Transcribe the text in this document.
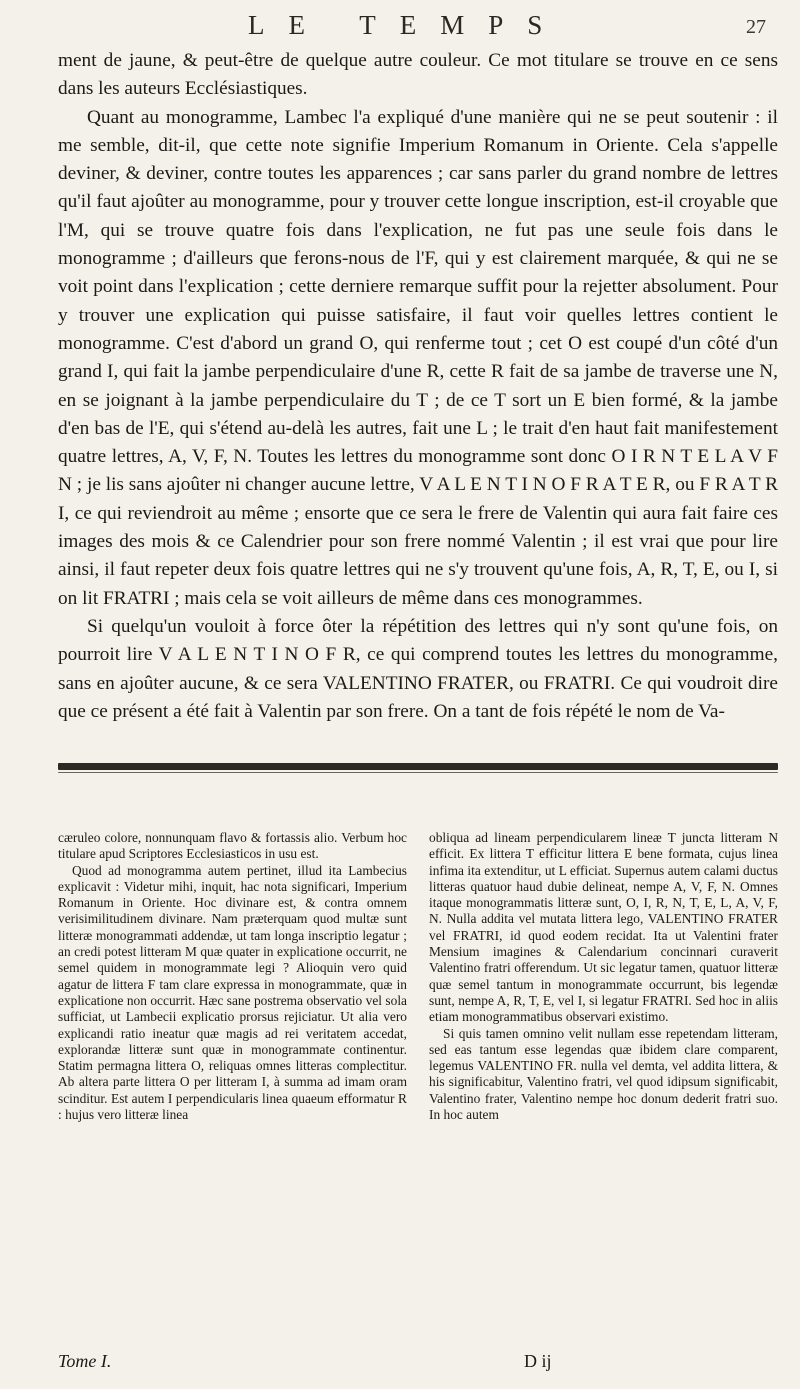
LE TEMPS	27

ment de jaune, & peut-être de quelque autre couleur. Ce mot titulare se trouve en ce sens dans les auteurs Ecclésiastiques.

Quant au monogramme, Lambec l'a expliqué d'une manière qui ne se peut soutenir : il me semble, dit-il, que cette note signifie Imperium Romanum in Oriente. Cela s'appelle deviner, & deviner, contre toutes les apparences ; car sans parler du grand nombre de lettres qu'il faut ajoûter au monogramme, pour y trouver cette longue inscription, est-il croyable que l'M, qui se trouve quatre fois dans l'explication, ne fut pas une seule fois dans le monogramme ; d'ailleurs que ferons-nous de l'F, qui y est clairement marquée, & qui ne se voit point dans l'explication ; cette derniere remarque suffit pour la rejetter absolument. Pour y trouver une explication qui puisse satisfaire, il faut voir quelles lettres contient le monogramme. C'est d'abord un grand O, qui renferme tout ; cet O est coupé d'un côté d'un grand I, qui fait la jambe perpendiculaire d'une R, cette R fait de sa jambe de traverse une N, en se joignant à la jambe perpendiculaire du T ; de ce T sort un E bien formé, & la jambe d'en bas de l'E, qui s'étend au-delà les autres, fait une L ; le trait d'en haut fait manifestement quatre lettres, A, V, F, N. Toutes les lettres du monogramme sont donc O I R N T E L A V F N ; je lis sans ajoûter ni changer aucune lettre, V A L E N T I N O F R A T E R, ou F R A T R I, ce qui reviendroit au même ; ensorte que ce sera le frere de Valentin qui aura fait faire ces images des mois & ce Calendrier pour son frere nommé Valentin ; il est vrai que pour lire ainsi, il faut repeter deux fois quatre lettres qui ne s'y trouvent qu'une fois, A, R, T, E, ou I, si on lit FRATRI ; mais cela se voit ailleurs de même dans ces monogrammes.

Si quelqu'un vouloit à force ôter la répétition des lettres qui n'y sont qu'une fois, on pourroit lire V A L E N T I N O F R, ce qui comprend toutes les lettres du monogramme, sans en ajoûter aucune, & ce sera VALENTINO FRATER, ou FRATRI. Ce qui voudroit dire que ce présent a été fait à Valentin par son frere. On a tant de fois répété le nom de Va-

cæruleo colore, nonnunquam flavo & fortassis alio. Verbum hoc titulare apud Scriptores Ecclesiasticos in usu est.

Quod ad monogramma autem pertinet, illud ita Lambecius explicavit : Videtur mihi, inquit, hac nota significari, Imperium Romanum in Oriente. Hoc divinare est, & contra omnem verisimilitudinem divinare. Nam præterquam quod multæ sunt litteræ monogrammati addendæ, ut tam longa inscriptio legatur ; an credi potest litteram M quæ quater in explicatione occurrit, ne semel quidem in monogrammate legi ? Alioquin vero quid agatur de littera F tam clare expressa in monogrammate, quæ in explicatione non occurrit. Hæc sane postrema observatio vel sola sufficiat, ut Lambecii explicatio prorsus rejiciatur. Ut alia vero explicandi ratio ineatur quæ magis ad rei veritatem accedat, explorandæ litteræ sunt quæ in monogrammate continentur. Statim permagna littera O, reliquas omnes litteras complectitur. Ab altera parte littera O per litteram I, à summa ad imam oram scinditur. Est autem I perpendicularis linea quaeum efformatur R : hujus vero litteræ linea

obliqua ad lineam perpendicularem lineæ T juncta litteram N efficit. Ex littera T efficitur littera E bene formata, cujus linea infima ita extenditur, ut L efficiat. Supernus autem calami ductus litteras quatuor haud dubie delineat, nempe A, V, F, N. Omnes itaque monogrammatis litteræ sunt, O, I, R, N, T, E, L, A, V, F, N. Nulla addita vel mutata littera lego, VALENTINO FRATER vel FRATRI, id quod eodem recidat. Ita ut Valentini frater Mensium imagines & Calendarium concinnari curaverit Valentino fratri offerendum. Ut sic legatur tamen, quatuor litteræ quæ semel tantum in monogrammate occurrunt, bis legendæ sunt, nempe A, R, T, E, vel I, si legatur FRATRI. Sed hoc in aliis etiam monogrammatibus observari existimo.

Si quis tamen omnino velit nullam esse repetendam litteram, sed eas tantum esse legendas quæ ibidem clare comparent, legemus VALENTINO FR. nulla vel demta, vel addita littera, & his significabitur, Valentino fratri, vel quod idipsum significabit, Valentino frater, Valentino nempe hoc donum dederit fratri suo. In hoc autem

Tome I.	D ij
